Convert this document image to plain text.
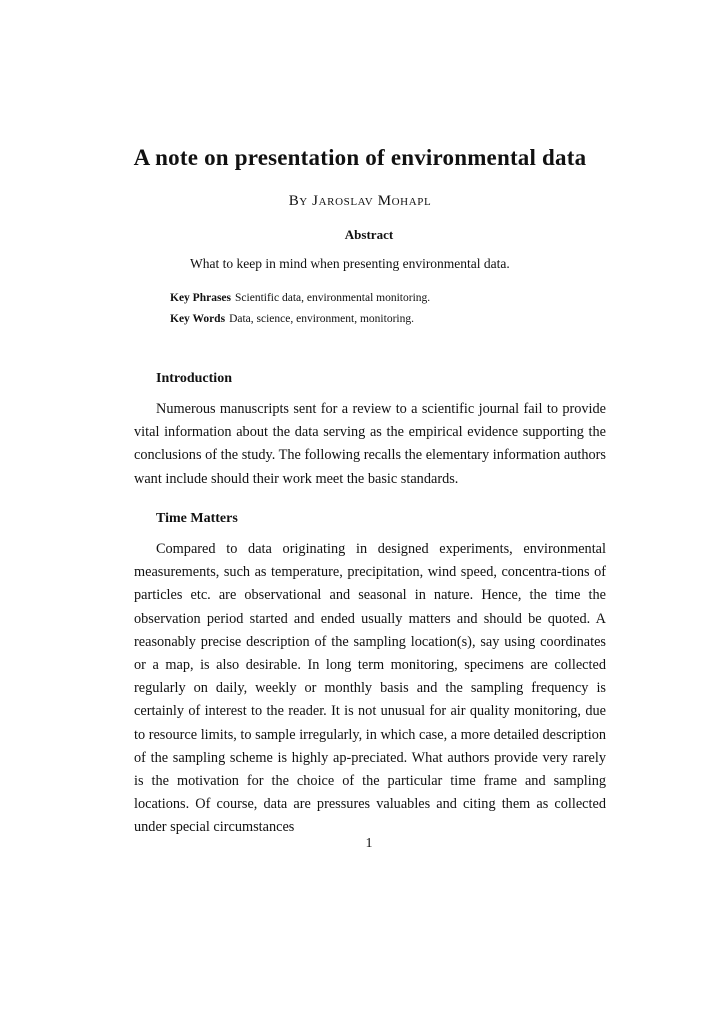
A note on presentation of environmental data
By Jaroslav Mohapl
Abstract
What to keep in mind when presenting environmental data.
Key Phrases Scientific data, environmental monitoring.
Key Words Data, science, environment, monitoring.
Introduction

Numerous manuscripts sent for a review to a scientific journal fail to provide vital information about the data serving as the empirical evidence supporting the conclusions of the study. The following recalls the elementary information authors want include should their work meet the basic standards.

Time Matters

Compared to data originating in designed experiments, environmental measurements, such as temperature, precipitation, wind speed, concentra-tions of particles etc. are observational and seasonal in nature. Hence, the time the observation period started and ended usually matters and should be quoted. A reasonably precise description of the sampling location(s), say using coordinates or a map, is also desirable. In long term monitoring, specimens are collected regularly on daily, weekly or monthly basis and the sampling frequency is certainly of interest to the reader. It is not unusual for air quality monitoring, due to resource limits, to sample irregularly, in which case, a more detailed description of the sampling scheme is highly ap-preciated. What authors provide very rarely is the motivation for the choice of the particular time frame and sampling locations. Of course, data are pressures valuables and citing them as collected under special circumstances

1
